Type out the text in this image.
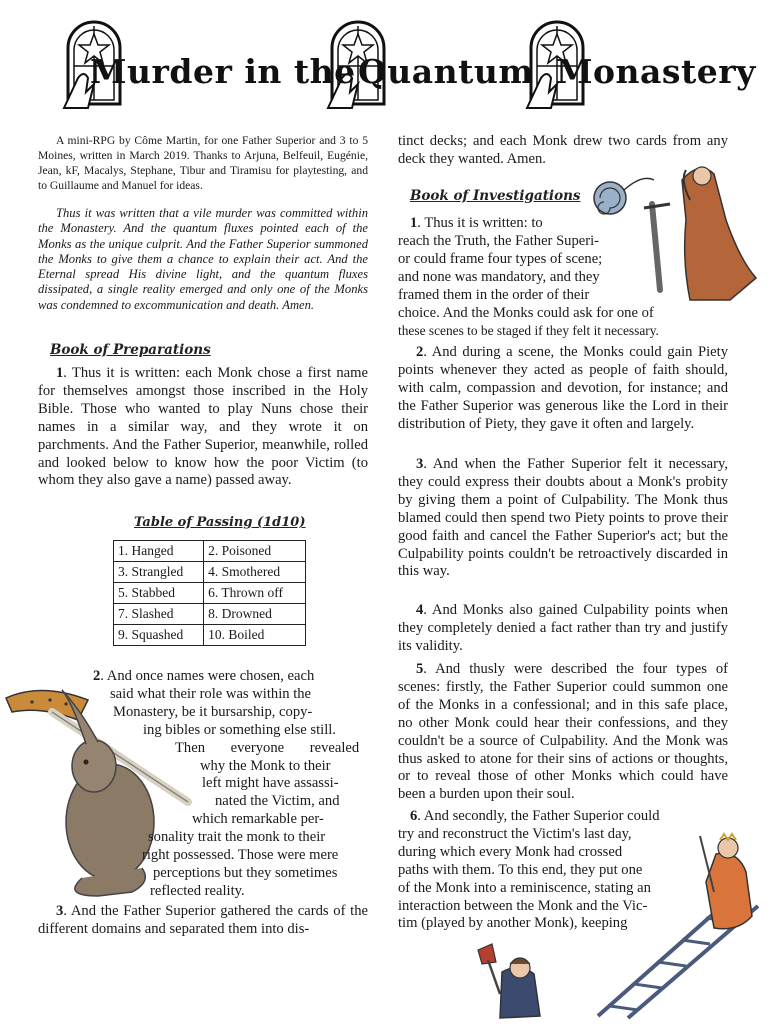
Murder in the Quantum Monastery
A mini-RPG by Côme Martin, for one Father Superior and 3 to 5 Moines, written in March 2019. Thanks to Arjuna, Belfeuil, Eugénie, Jean, kF, Macalys, Stephane, Tibur and Tiramisu for playtesting, and to Guillaume and Manuel for ideas.
Thus it was written that a vile murder was committed within the Monastery. And the quantum fluxes pointed each of the Monks as the unique culprit. And the Father Superior summoned the Monks to give them a chance to explain their act. And the Eternal spread His divine light, and the quantum fluxes dissipated, a single reality emerged and only one of the Monks was condemned to excommunication and death. Amen.
Book of Preparations
1. Thus it is written: each Monk chose a first name for themselves amongst those inscribed in the Holy Bible. Those who wanted to play Nuns chose their names in a similar way, and they wrote it on parchments. And the Father Superior, meanwhile, rolled and looked below to know how the poor Victim (to whom they also gave a name) passed away.
Table of Passing (1d10)
1. Hanged	2. Poisoned
3. Strangled	4. Smothered
5. Stabbed	6. Thrown off
7. Slashed	8. Drowned
9. Squashed	10. Boiled
2. And once names were chosen, each
said what their role was within the
Monastery, be it bursarship, copy-
ing bibles or something else still.
Then everyone revealed
why the Monk to their
left might have assassi-
nated the Victim, and
which remarkable per-
sonality trait the monk to their
right possessed. Those were mere
perceptions but they sometimes
reflected reality.
3. And the Father Superior gathered the cards of the different domains and separated them into dis-
tinct decks; and each Monk drew two cards from any deck they wanted. Amen.
Book of Investigations
1. Thus it is written: to
reach the Truth, the Father Superi-
or could frame four types of scene;
and none was mandatory, and they
framed them in the order of their
choice. And the Monks could ask for one of
these scenes to be staged if they felt it necessary.
2. And during a scene, the Monks could gain Piety points whenever they acted as people of faith should, with calm, compassion and devotion, for instance; and the Father Superior was generous like the Lord in their distribution of Piety, they gave it often and largely.
3. And when the Father Superior felt it necessary, they could express their doubts about a Monk's probity by giving them a point of Culpability. The Monk thus blamed could then spend two Piety points to prove their good faith and cancel the Father Superior's act; but the Culpability points couldn't be retroactively discarded in this way.
4. And Monks also gained Culpability points when they completely denied a fact rather than try and justify its validity.
5. And thusly were described the four types of scenes: firstly, the Father Superior could summon one of the Monks in a confessional; and in this safe place, no other Monk could hear their confessions, and they couldn't be a source of Culpability. And the Monk was thus asked to atone for their sins of actions or thoughts, or to reveal those of other Monks which could have been a burden upon their soul.
6. And secondly, the Father Superior could
try and reconstruct the Victim's last day,
during which every Monk had crossed
paths with them. To this end, they put one
of the Monk into a reminiscence, stating an
interaction between the Monk and the Vic-
tim (played by another Monk), keeping
